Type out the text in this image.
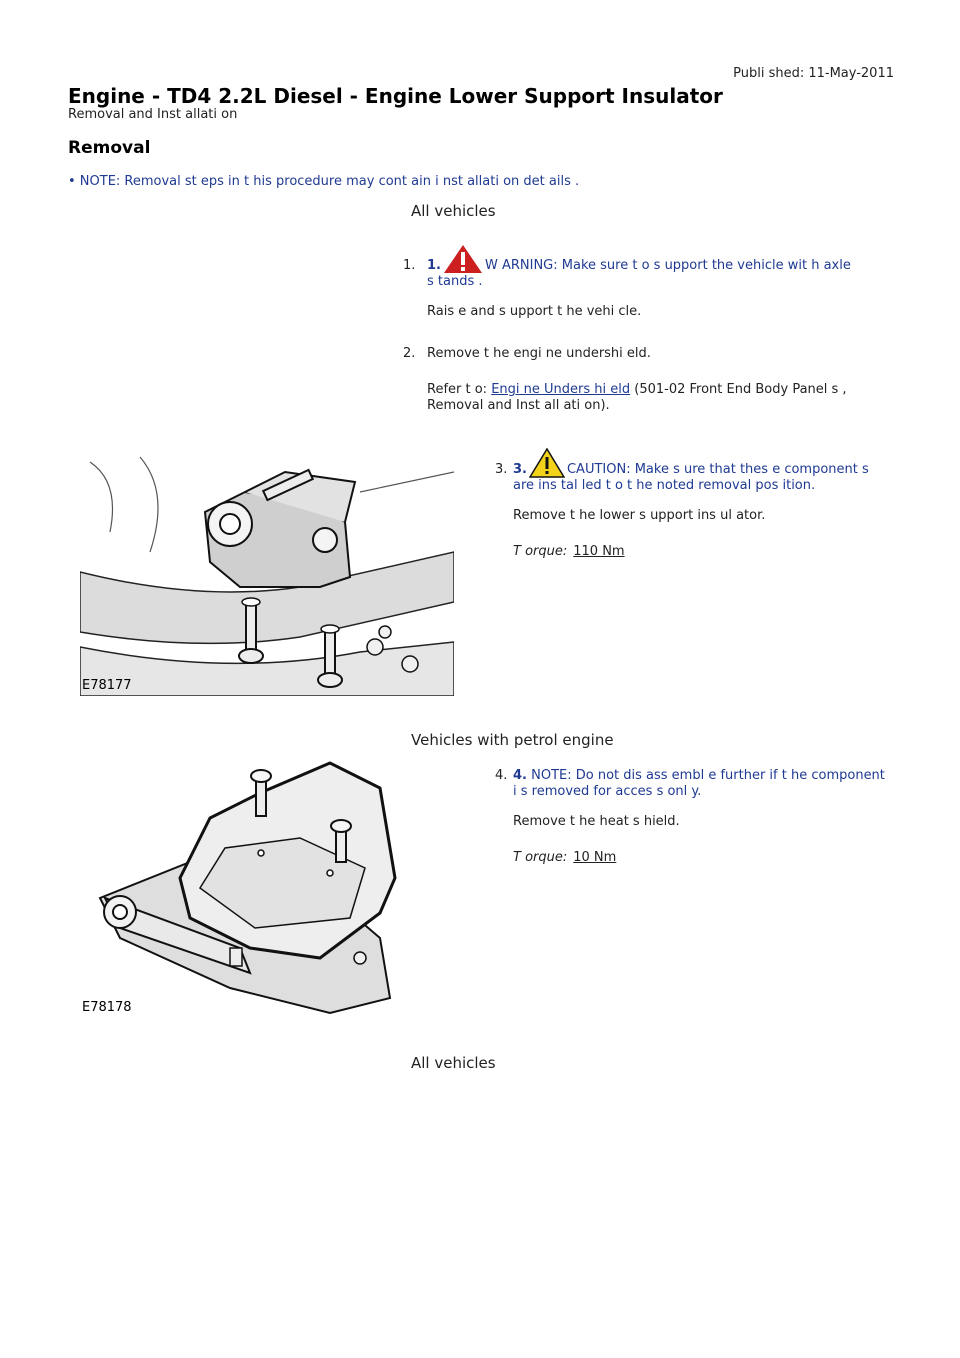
Publi shed: 11-May-2011
Engine - TD4 2.2L Diesel - Engine Lower Support Insulator
Removal and Inst allati on
Removal
• NOTE: Removal st eps in t his procedure may cont ain i nst allati on det ails .
All vehicles
1. 1.	W ARNING: Make sure t o s upport the vehicle wit h axle
s tands .
Rais e and s upport t he vehi cle.
2. Remove t he engi ne undershi eld.
Refer t o: Engi ne Unders hi eld (501-02 Front End Body Panel s ,
Removal and Inst all ati on).
E78177
3. 3.	CAUTION: Make s ure that thes e component s
are ins tal led t o t he noted removal pos ition.
Remove t he lower s upport ins ul ator.
T orque: 110 Nm
Vehicles with petrol engine
E78178
4. 4. NOTE: Do not dis ass embl e further if t he component
i s removed for acces s onl y.
Remove t he heat s hield.
T orque: 10 Nm
All vehicles
